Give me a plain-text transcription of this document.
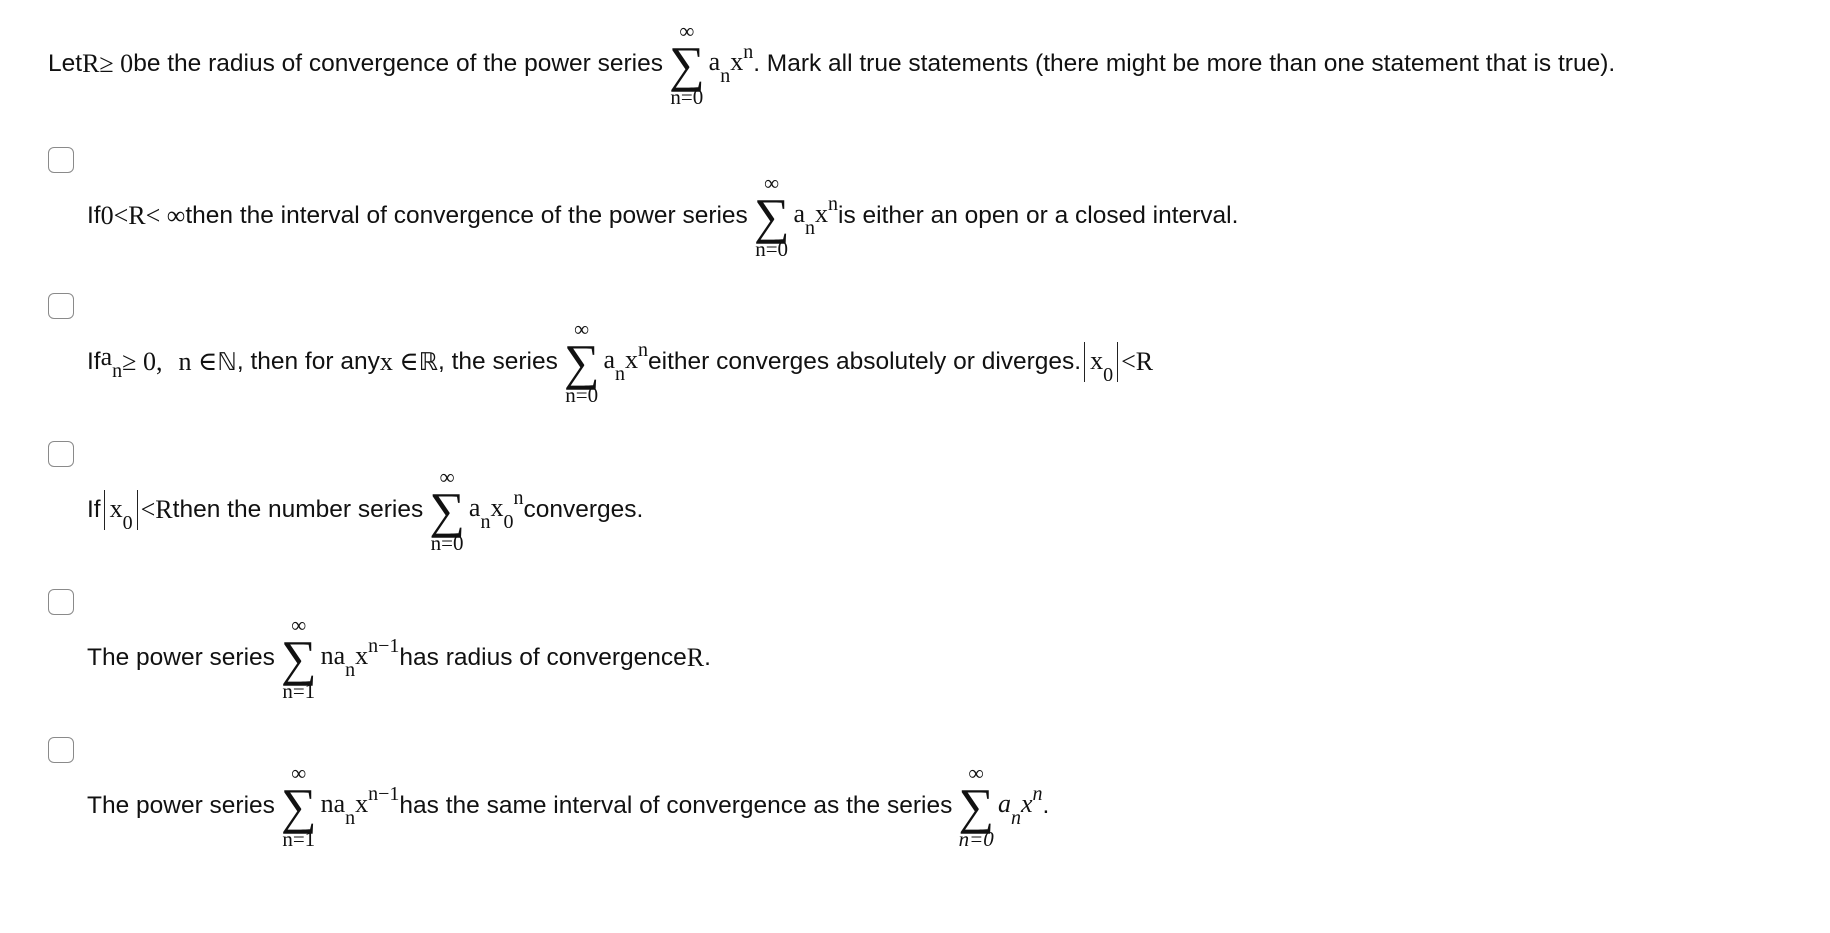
Let R ≥ 0 be the radius of convergence of the power series
∞
∑
n=0
$a_nx^n$ . Mark all true statements (there might be more than one statement that is true).
If 0<R< ∞ then the interval of convergence of the power series
∞
∑
n=0
$a_nx^n$ is either an open or a closed interval.
If $a_n \ge 0$, n ∈ ℕ , then for any x ∈ ℝ , the series
∞
∑
n=0
$a_nx^n$ either converges absolutely or diverges. $x_0 <R$
If $x_0 <R$ then the number series
∞
∑
n=0
$a_nx_0^n$ converges.
The power series
∞
∑
n=1
$na_nx^{n-1}$ has radius of convergence R .
The power series
∞
∑
n=1
$na_nx^{n-1}$ has the same interval of convergence as the series
∞
∑
n=0
$a_nx^n$ .
